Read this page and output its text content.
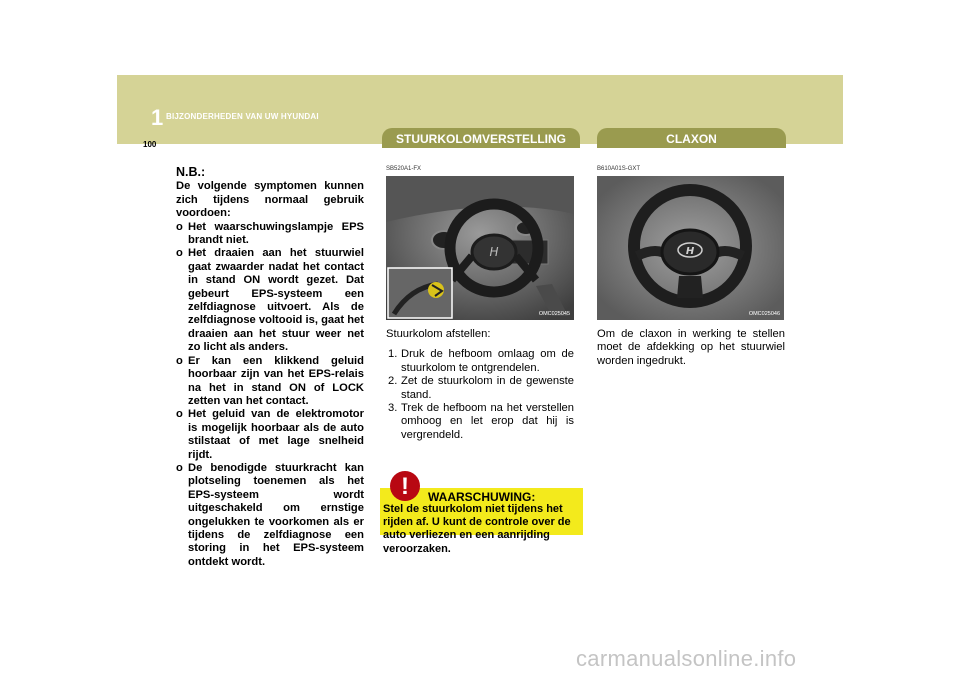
1 BIJZONDERHEDEN VAN UW HYUNDAI
100	STUURKOLOMVERSTELLING	CLAXON
N.B.:

De volgende symptomen kunnen zich tijdens normaal gebruik voordoen:

o Het waarschuwingslampje EPS brandt niet.
o Het draaien aan het stuurwiel gaat zwaarder nadat het contact in stand ON wordt gezet. Dat gebeurt EPS-systeem een zelfdiagnose uitvoert. Als de zelfdiagnose voltooid is, gaat het draaien aan het stuur weer net zo licht als anders.
o Er kan een klikkend geluid hoorbaar zijn van het EPS-relais na het in stand ON of LOCK zetten van het contact.
o Het geluid van de elektromotor is mogelijk hoorbaar als de auto stilstaat of met lage snelheid rijdt.
o De benodigde stuurkracht kan plotseling toenemen als het EPS-systeem wordt uitgeschakeld om ernstige ongelukken te voorkomen als er tijdens de zelfdiagnose een storing in het EPS-systeem ontdekt wordt.
SB520A1-FX
H
OMC025045

Stuurkolom afstellen:

1. Druk de hefboom omlaag om de stuurkolom te ontgrendelen.
2. Zet de stuurkolom in de gewenste stand.
3. Trek de hefboom na het verstellen omhoog en let erop dat hij is vergrendeld.
Stel de stuurkolom niet tijdens het rijden af. U kunt de controle over de auto verliezen en een aanrijding veroorzaken.
!	WAARSCHUWING:
B610A01S-GXT
H
OMC025046
Om de claxon in werking te stellen moet de afdekking op het stuurwiel worden ingedrukt.
carmanualsonline.info
